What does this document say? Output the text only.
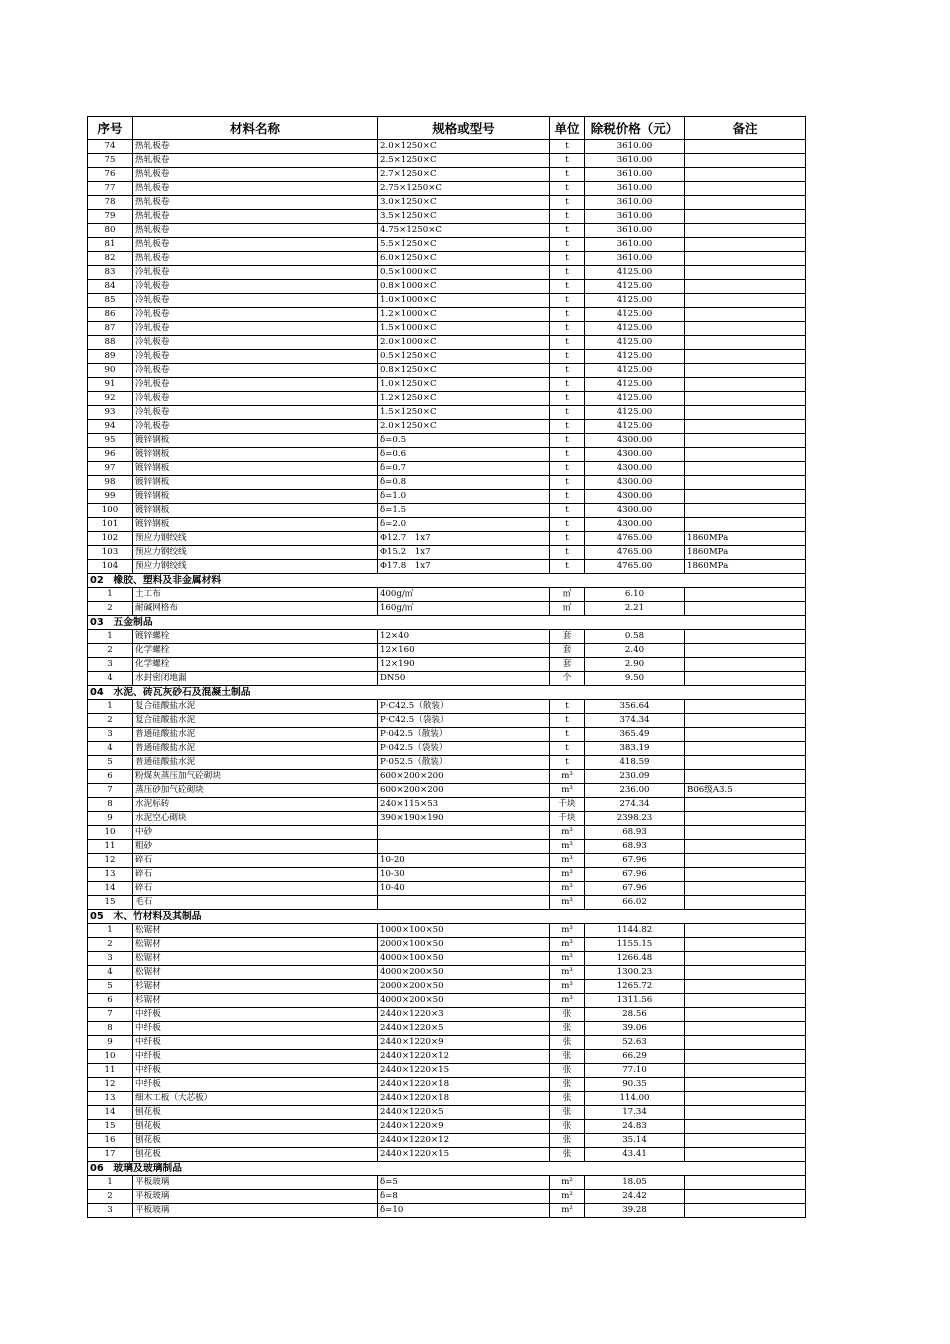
序号	材料名称	规格或型号	单位	除税价格（元）	备注
74	热轧板卷	2.0×1250×C	t	3610.00	
75	热轧板卷	2.5×1250×C	t	3610.00	
76	热轧板卷	2.7×1250×C	t	3610.00	
77	热轧板卷	2.75×1250×C	t	3610.00	
78	热轧板卷	3.0×1250×C	t	3610.00	
79	热轧板卷	3.5×1250×C	t	3610.00	
80	热轧板卷	4.75×1250×C	t	3610.00	
81	热轧板卷	5.5×1250×C	t	3610.00	
82	热轧板卷	6.0×1250×C	t	3610.00	
83	冷轧板卷	0.5×1000×C	t	4125.00	
84	冷轧板卷	0.8×1000×C	t	4125.00	
85	冷轧板卷	1.0×1000×C	t	4125.00	
86	冷轧板卷	1.2×1000×C	t	4125.00	
87	冷轧板卷	1.5×1000×C	t	4125.00	
88	冷轧板卷	2.0×1000×C	t	4125.00	
89	冷轧板卷	0.5×1250×C	t	4125.00	
90	冷轧板卷	0.8×1250×C	t	4125.00	
91	冷轧板卷	1.0×1250×C	t	4125.00	
92	冷轧板卷	1.2×1250×C	t	4125.00	
93	冷轧板卷	1.5×1250×C	t	4125.00	
94	冷轧板卷	2.0×1250×C	t	4125.00	
95	镀锌钢板	δ=0.5	t	4300.00	
96	镀锌钢板	δ=0.6	t	4300.00	
97	镀锌钢板	δ=0.7	t	4300.00	
98	镀锌钢板	δ=0.8	t	4300.00	
99	镀锌钢板	δ=1.0	t	4300.00	
100	镀锌钢板	δ=1.5	t	4300.00	
101	镀锌钢板	δ=2.0	t	4300.00	
102	预应力钢绞线	Φ12.7　1x7	t	4765.00	1860MPa
103	预应力钢绞线	Φ15.2　1x7	t	4765.00	1860MPa
104	预应力钢绞线	Φ17.8　1x7	t	4765.00	1860MPa
02　橡胶、塑料及非金属材料					
1	土工布	400g/㎡	㎡	6.10	
2	耐碱网格布	160g/㎡	㎡	2.21	
03　五金制品					
1	镀锌螺栓	12×40	套	0.58	
2	化学螺栓	12×160	套	2.40	
3	化学螺栓	12×190	套	2.90	
4	水封密闭地漏	DN50	个	9.50	
04　水泥、砖瓦灰砂石及混凝土制品					
1	复合硅酸盐水泥	P·C42.5（散装）	t	356.64	
2	复合硅酸盐水泥	P·C42.5（袋装）	t	374.34	
3	普通硅酸盐水泥	P·042.5（散装）	t	365.49	
4	普通硅酸盐水泥	P·042.5（袋装）	t	383.19	
5	普通硅酸盐水泥	P·052.5（散装）	t	418.59	
6	粉煤灰蒸压加气砼砌块	600×200×200	m³	230.09	
7	蒸压砂加气砼砌块	600×200×200	m³	236.00	B06级A3.5
8	水泥标砖	240×115×53	千块	274.34	
9	水泥空心砌块	390×190×190	千块	2398.23	
10	中砂		m³	68.93	
11	粗砂		m³	68.93	
12	碎石	10-20	m³	67.96	
13	碎石	10-30	m³	67.96	
14	碎石	10-40	m³	67.96	
15	毛石		m³	66.02	
05　木、竹材料及其制品					
1	松锯材	1000×100×50	m³	1144.82	
2	松锯材	2000×100×50	m³	1155.15	
3	松锯材	4000×100×50	m³	1266.48	
4	松锯材	4000×200×50	m³	1300.23	
5	杉锯材	2000×200×50	m³	1265.72	
6	杉锯材	4000×200×50	m³	1311.56	
7	中纤板	2440×1220×3	张	28.56	
8	中纤板	2440×1220×5	张	39.06	
9	中纤板	2440×1220×9	张	52.63	
10	中纤板	2440×1220×12	张	66.29	
11	中纤板	2440×1220×15	张	77.10	
12	中纤板	2440×1220×18	张	90.35	
13	细木工板（大芯板）	2440×1220×18	张	114.00	
14	刨花板	2440×1220×5	张	17.34	
15	刨花板	2440×1220×9	张	24.83	
16	刨花板	2440×1220×12	张	35.14	
17	刨花板	2440×1220×15	张	43.41	
06　玻璃及玻璃制品					
1	平板玻璃	δ=5	m²	18.05	
2	平板玻璃	δ=8	m²	24.42	
3	平板玻璃	δ=10	m²	39.28	
